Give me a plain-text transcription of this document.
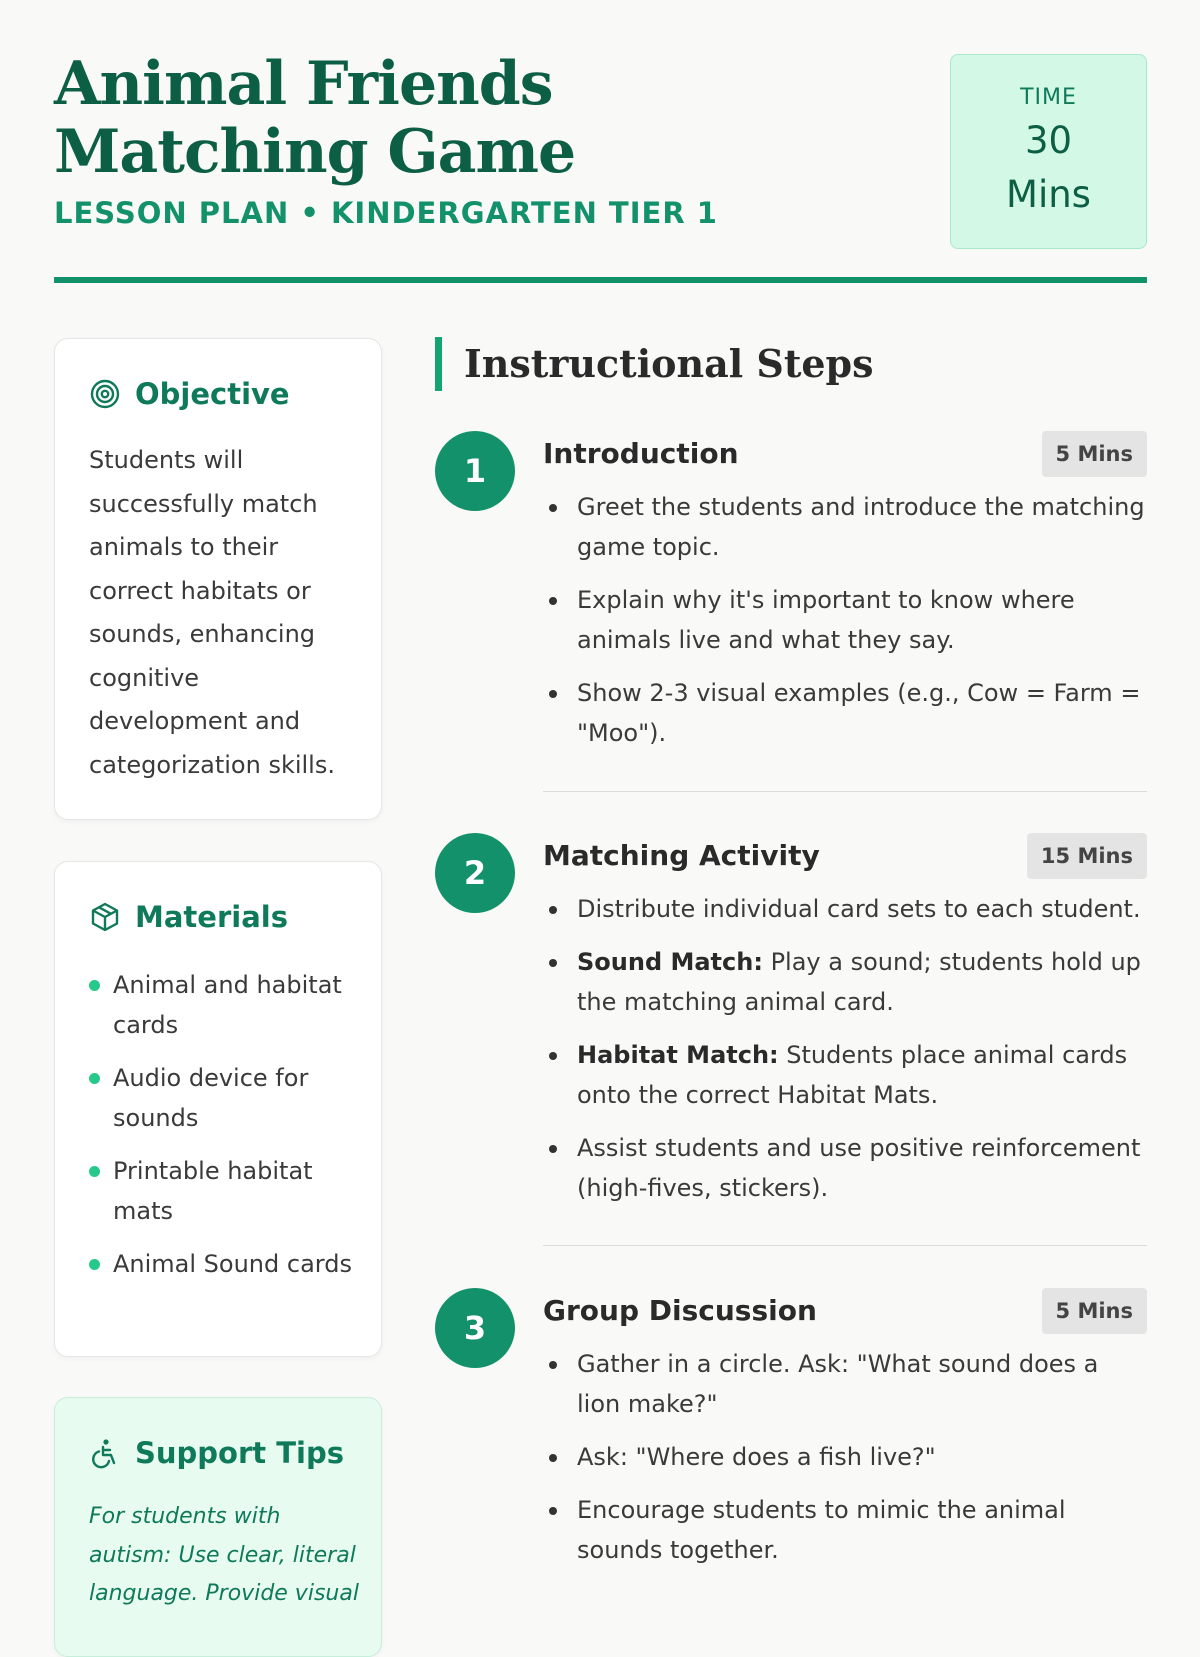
Animal Friends Matching Game
LESSON PLAN • KINDERGARTEN TIER 1
TIME
30
Mins
Objective
Students will successfully match animals to their correct habitats or sounds, enhancing cognitive development and categorization skills.
Materials
Animal and habitat cards
Audio device for sounds
Printable habitat mats
Animal Sound cards
Support Tips
For students with autism: Use clear, literal language. Provide visual
Instructional Steps
1	Introduction	5 Mins
Greet the students and introduce the matching game topic.
Explain why it's important to know where animals live and what they say.
Show 2-3 visual examples (e.g., Cow = Farm = "Moo").
2	Matching Activity	15 Mins
Distribute individual card sets to each student.
Sound Match: Play a sound; students hold up the matching animal card.
Habitat Match: Students place animal cards onto the correct Habitat Mats.
Assist students and use positive reinforcement (high-fives, stickers).
3	Group Discussion	5 Mins
Gather in a circle. Ask: "What sound does a lion make?"
Ask: "Where does a fish live?"
Encourage students to mimic the animal sounds together.
